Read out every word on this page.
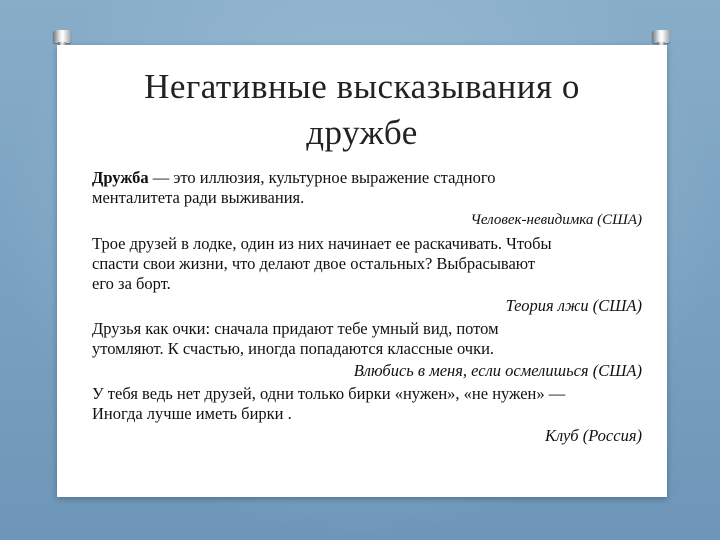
Негативные высказывания о
дружбе
Дружба — это иллюзия, культурное выражение стадного
менталитета ради выживания.
Человек-невидимка (США)
Трое друзей в лодке, один из них начинает ее раскачивать. Чтобы
спасти свои жизни, что делают двое остальных? Выбрасывают
его за борт.
Теория лжи (США)
Друзья как очки: сначала придают тебе умный вид, потом
утомляют. К счастью, иногда попадаются классные очки.
Влюбись в меня, если осмелишься (США)
У тебя ведь нет друзей, одни только бирки «нужен», «не нужен» —
Иногда лучше иметь бирки .
Клуб (Россия)
